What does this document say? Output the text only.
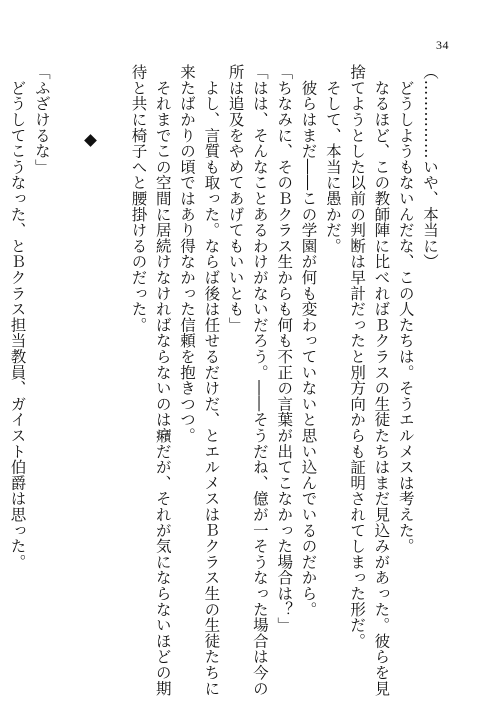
34
（……………いや、本当に）
　どうしようもないんだな、この人たちは。そうエルメスは考えた。
　なるほど、この教師陣に比べればＢクラスの生徒たちはまだ見込みがあった。彼らを見
捨てようとした以前の判断は早計だったと別方向からも証明されてしまった形だ。
　そして、本当に愚かだ。
　彼らはまだ――この学園が何も変わっていないと思い込んでいるのだから。
「ちなみに、そのＢクラス生からも何も不正の言葉が出てこなかった場合は？」
「はは、そんなことあるわけがないだろう。――そうだね、億が一そうなった場合は今の
所は追及をやめてあげてもいいとも」
　よし、言質も取った。ならば後は任せるだけだ、とエルメスはＢクラス生の生徒たちに
来たばかりの頃ではあり得なかった信頼を抱きつつ。
　それまでこの空間に居続けなければならないのは癪だが、それが気にならないほどの期
待と共に椅子へと腰掛けるのだった。
「ふざけるな」
　どうしてこうなった、とＢクラス担当教員、ガイスト伯爵は思った。
